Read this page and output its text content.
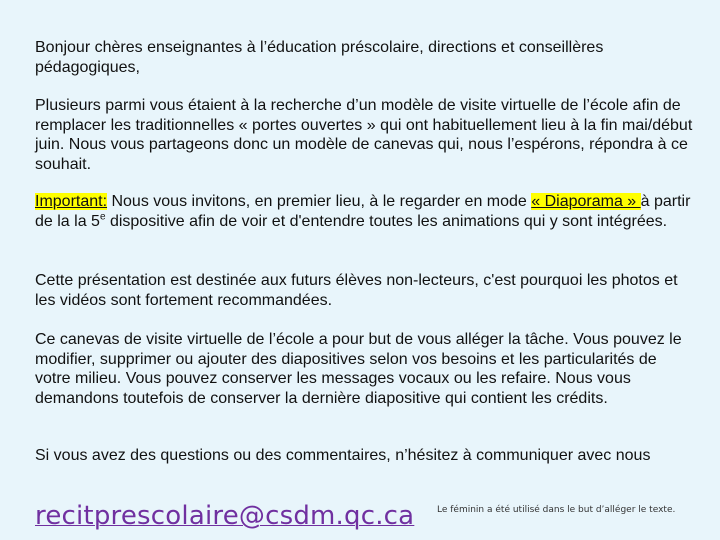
Bonjour chères enseignantes à l’éducation préscolaire, directions et conseillères pédagogiques,

Plusieurs parmi vous étaient à la recherche d’un modèle de visite virtuelle de l’école afin de remplacer les traditionnelles « portes ouvertes » qui ont habituellement lieu à la fin mai/début juin. Nous vous partageons donc un modèle de canevas qui, nous l’espérons, répondra à ce souhait.

Important: Nous vous invitons, en premier lieu, à le regarder en mode « Diaporama » à partir de la la 5e dispositive afin de voir et d'entendre toutes les animations qui y sont intégrées.

Cette présentation est destinée aux futurs élèves non-lecteurs, c'est pourquoi les photos et les vidéos sont fortement recommandées.

Ce canevas de visite virtuelle de l’école a pour but de vous alléger la tâche. Vous pouvez le modifier, supprimer ou ajouter des diapositives selon vos besoins et les particularités de votre milieu. Vous pouvez conserver les messages vocaux ou les refaire. Nous vous demandons toutefois de conserver la dernière diapositive qui contient les crédits.

Si vous avez des questions ou des commentaires, n’hésitez à communiquer avec nous

recitprescolaire@csdm.qc.ca	Le féminin a été utilisé dans le but d’alléger le texte.
